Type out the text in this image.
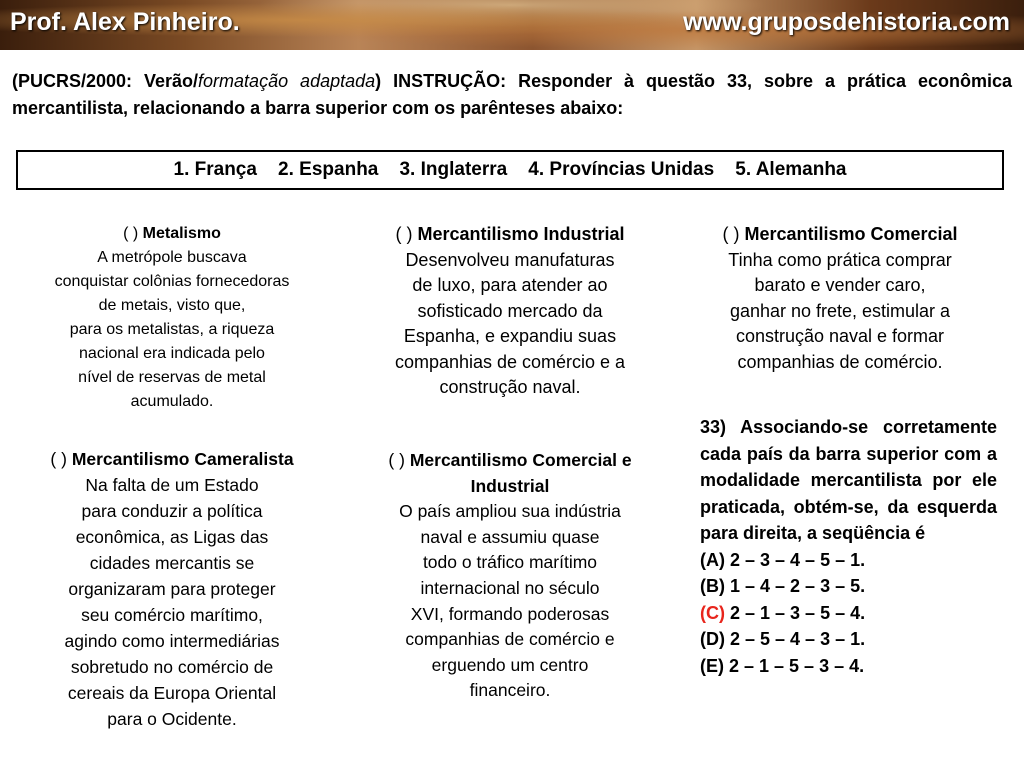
Prof. Alex Pinheiro.	www.gruposdehistoria.com
(PUCRS/2000: Verão/formatação adaptada) INSTRUÇÃO: Responder à questão 33, sobre a prática econômica mercantilista, relacionando a barra superior com os parênteses abaixo:
1. França    2. Espanha    3. Inglaterra    4. Províncias Unidas    5. Alemanha
( ) Metalismo
A metrópole buscava
conquistar colônias fornecedoras
de metais, visto que,
para os metalistas, a riqueza
nacional era indicada pelo
nível de reservas de metal
acumulado.
( ) Mercantilismo Industrial
Desenvolveu manufaturas
de luxo, para atender ao
sofisticado mercado da
Espanha, e expandiu suas
companhias de comércio e a
construção naval.
( ) Mercantilismo Comercial
Tinha como prática comprar
barato e vender caro,
ganhar no frete, estimular a
construção naval e formar
companhias de comércio.
( ) Mercantilismo Cameralista
Na falta de um Estado
para conduzir a política
econômica, as Ligas das
cidades mercantis se
organizaram para proteger
seu comércio marítimo,
agindo como intermediárias
sobretudo no comércio de
cereais da Europa Oriental
para o Ocidente.
( ) Mercantilismo Comercial e
Industrial
O país ampliou sua indústria
naval e assumiu quase
todo o tráfico marítimo
internacional no século
XVI, formando poderosas
companhias de comércio e
erguendo um centro
financeiro.
33) Associando-se corretamente cada país da barra superior com a modalidade mercantilista por ele praticada, obtém-se, da esquerda para direita, a seqüência é
(A) 2 – 3 – 4 – 5 – 1.
(B) 1 – 4 – 2 – 3 – 5.
(C) 2 – 1 – 3 – 5 – 4.
(D) 2 – 5 – 4 – 3 – 1.
(E) 2 – 1 – 5 – 3 – 4.
